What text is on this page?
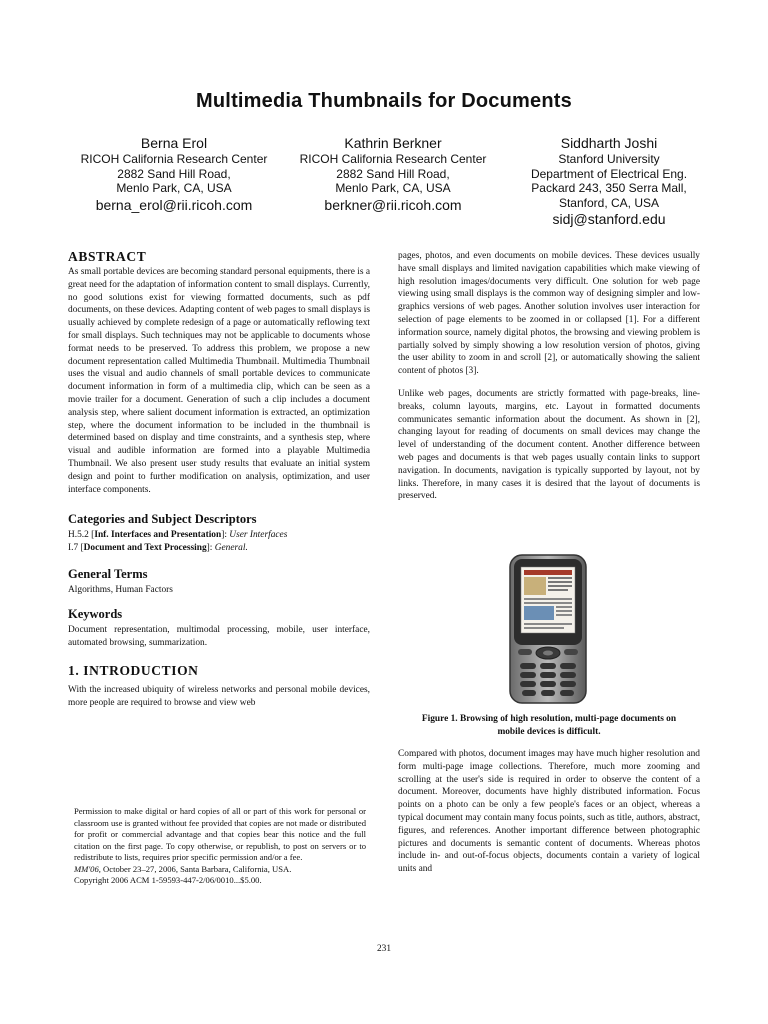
Multimedia Thumbnails for Documents
Berna Erol
RICOH California Research Center
2882 Sand Hill Road,
Menlo Park, CA, USA
berna_erol@rii.ricoh.com
Kathrin Berkner
RICOH California Research Center
2882 Sand Hill Road,
Menlo Park, CA, USA
berkner@rii.ricoh.com
Siddharth Joshi
Stanford University
Department of Electrical Eng.
Packard 243, 350 Serra Mall,
Stanford, CA, USA
sidj@stanford.edu
ABSTRACT

As small portable devices are becoming standard personal equipments, there is a great need for the adaptation of information content to small displays. Currently, no good solutions exist for viewing formatted documents, such as pdf documents, on these devices. Adapting content of web pages to small displays is usually achieved by complete redesign of a page or automatically reflowing text for small displays. Such techniques may not be applicable to documents whose format needs to be preserved. To address this problem, we propose a new document representation called Multimedia Thumbnail. Multimedia Thumbnail uses the visual and audio channels of small portable devices to communicate document information in form of a multimedia clip, which can be seen as a movie trailer for a document. Generation of such a clip includes a document analysis step, where salient document information is extracted, an optimization step, where the document information to be included in the thumbnail is determined based on display and time constraints, and a synthesis step, where visual and audible information are formed into a playable Multimedia Thumbnail. We also present user study results that evaluate an initial system design and point to further modification on analysis, optimization, and user interface components.

Categories and Subject Descriptors
H.5.2 [Inf. Interfaces and Presentation]: User Interfaces
I.7 [Document and Text Processing]: General.
General Terms

Algorithms, Human Factors

Keywords

Document representation, multimodal processing, mobile, user interface, automated browsing, summarization.

1. INTRODUCTION

With the increased ubiquity of wireless networks and personal mobile devices, more people are required to browse and view web

Permission to make digital or hard copies of all or part of this work for personal or classroom use is granted without fee provided that copies are not made or distributed for profit or commercial advantage and that copies bear this notice and the full citation on the first page. To copy otherwise, or republish, to post on servers or to redistribute to lists, requires prior specific permission and/or a fee.

MM'06, October 23–27, 2006, Santa Barbara, California, USA.
Copyright 2006 ACM 1-59593-447-2/06/0010...$5.00.

pages, photos, and even documents on mobile devices. These devices usually have small displays and limited navigation capabilities which make viewing of high resolution images/documents very difficult. One solution for web page viewing using small displays is the common way of designing simpler and low-graphics versions of web pages. Another solution involves user interaction for selection of page elements to be zoomed in or collapsed [1]. For a different information source, namely digital photos, the browsing and viewing problem is partially solved by simply showing a low resolution version of photos, giving the user ability to zoom in and scroll [2], or automatically showing the salient content of photos [3].

Unlike web pages, documents are strictly formatted with page-breaks, line-breaks, column layouts, margins, etc. Layout in formatted documents communicates semantic information about the document. As shown in [2], changing layout for reading of documents on small devices may change the level of understanding of the document content. Another difference between web pages and documents is that web pages usually contain links to support navigation. In documents, navigation is typically supported by layout, not by links. Therefore, in many cases it is desired that the layout of documents is preserved.

Figure 1. Browsing of high resolution, multi-page documents on mobile devices is difficult.

Compared with photos, document images may have much higher resolution and form multi-page image collections. Therefore, much more zooming and scrolling at the user's side is required in order to observe the content of a document. Moreover, documents have highly distributed information. Focus points on a photo can be only a few people's faces or an object, whereas a typical document may contain many focus points, such as title, authors, abstract, figures, and references. Another important difference between photographic pictures and documents is semantic content of documents. Whereas photos include in- and out-of-focus objects, documents contain a variety of logical units and

231
